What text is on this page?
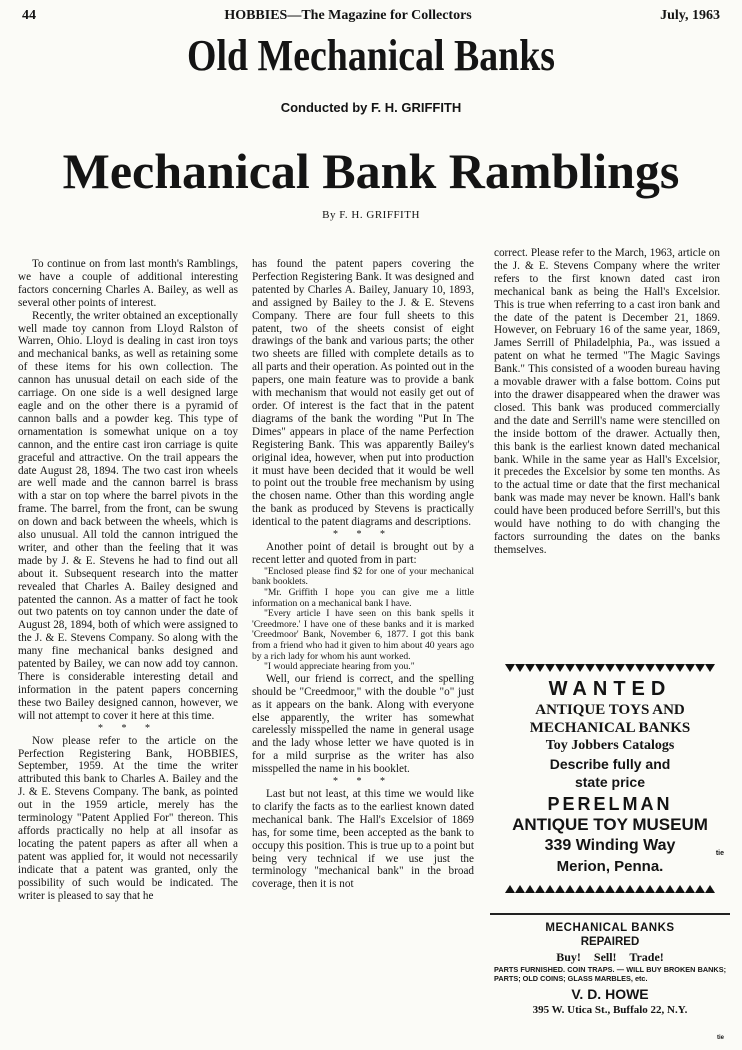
44	HOBBIES—The Magazine for Collectors	July, 1963
Old Mechanical Banks
Conducted by F. H. GRIFFITH
Mechanical Bank Ramblings
By F. H. GRIFFITH

To continue on from last month's Ramblings, we have a couple of additional interesting factors concerning Charles A. Bailey, as well as several other points of interest.

Recently, the writer obtained an exceptionally well made toy cannon from Lloyd Ralston of Warren, Ohio. Lloyd is dealing in cast iron toys and mechanical banks, as well as retaining some of these items for his own collection. The cannon has unusual detail on each side of the carriage. On one side is a well designed large eagle and on the other there is a pyramid of cannon balls and a powder keg. This type of ornamentation is somewhat unique on a toy cannon, and the entire cast iron carriage is quite graceful and attractive. On the trail appears the date August 28, 1894. The two cast iron wheels are well made and the cannon barrel is brass with a star on top where the barrel pivots in the frame. The barrel, from the front, can be swung on down and back between the wheels, which is also unusual. All told the cannon intrigued the writer, and other than the feeling that it was made by J. & E. Stevens he had to find out all about it. Subsequent research into the matter revealed that Charles A. Bailey designed and patented the cannon. As a matter of fact he took out two patents on toy cannon under the date of August 28, 1894, both of which were assigned to the J. & E. Stevens Company. So along with the many fine mechanical banks designed and patented by Bailey, we can now add toy cannon. There is considerable interesting detail and information in the patent papers concerning these two Bailey designed cannon, however, we will not attempt to cover it here at this time.

* * *

Now please refer to the article on the Perfection Registering Bank, HOBBIES, September, 1959. At the time the writer attributed this bank to Charles A. Bailey and the J. & E. Stevens Company. The bank, as pointed out in the 1959 article, merely has the terminology "Patent Applied For" thereon. This affords practically no help at all insofar as locating the patent papers as after all when a patent was applied for, it would not necessarily indicate that a patent was granted, only the possibility of such would be indicated. The writer is pleased to say that he

has found the patent papers covering the Perfection Registering Bank. It was designed and patented by Charles A. Bailey, January 10, 1893, and assigned by Bailey to the J. & E. Stevens Company. There are four full sheets to this patent, two of the sheets consist of eight drawings of the bank and various parts; the other two sheets are filled with complete details as to all parts and their operation. As pointed out in the papers, one main feature was to provide a bank with mechanism that would not easily get out of order. Of interest is the fact that in the patent diagrams of the bank the wording "Put In The Dimes" appears in place of the name Perfection Registering Bank. This was apparently Bailey's original idea, however, when put into production it must have been decided that it would be well to point out the trouble free mechanism by using the chosen name. Other than this wording angle the bank as produced by Stevens is practically identical to the patent diagrams and descriptions.

* * *

Another point of detail is brought out by a recent letter and quoted from in part:

"Enclosed please find $2 for one of your mechanical bank booklets.

"Mr. Griffith I hope you can give me a little information on a mechanical bank I have.

"Every article I have seen on this bank spells it 'Creedmore.' I have one of these banks and it is marked 'Creedmoor' Bank, November 6, 1877. I got this bank from a friend who had it given to him about 40 years ago by a rich lady for whom his aunt worked.

"I would appreciate hearing from you."

Well, our friend is correct, and the spelling should be "Creedmoor," with the double "o" just as it appears on the bank. Along with everyone else apparently, the writer has somewhat carelessly misspelled the name in general usage and the lady whose letter we have quoted is in for a mild surprise as the writer has also misspelled the name in his booklet.

* * *

Last but not least, at this time we would like to clarify the facts as to the earliest known dated mechanical bank. The Hall's Excelsior of 1869 has, for some time, been accepted as the bank to occupy this position. This is true up to a point but being very technical if we use just the terminology "mechanical bank" in the broad coverage, then it is not

correct. Please refer to the March, 1963, article on the J. & E. Stevens Company where the writer refers to the first known dated cast iron mechanical bank as being the Hall's Excelsior. This is true when referring to a cast iron bank and the date of the patent is December 21, 1869. However, on February 16 of the same year, 1869, James Serrill of Philadelphia, Pa., was issued a patent on what he termed "The Magic Savings Bank." This consisted of a wooden bureau having a movable drawer with a false bottom. Coins put into the drawer disappeared when the drawer was closed. This bank was produced commercially and the date and Serrill's name were stencilled on the inside bottom of the drawer. Actually then, this bank is the earliest known dated mechanical bank. While in the same year as Hall's Excelsior, it precedes the Excelsior by some ten months. As to the actual time or date that the first mechanical bank was made may never be known. Hall's bank could have been produced before Serrill's, but this would have nothing to do with changing the factors surrounding the dates on the banks themselves.

WANTED
ANTIQUE TOYS AND
MECHANICAL BANKS
Toy Jobbers Catalogs
Describe fully and
state price
PERELMAN
ANTIQUE TOY MUSEUM
339 Winding Way
Merion, Penna.
tie
MECHANICAL BANKS
REPAIRED
Buy! Sell! Trade!
PARTS FURNISHED. COIN TRAPS. — WILL BUY BROKEN BANKS; PARTS; OLD COINS; GLASS MARBLES, etc.
V. D. HOWE
395 W. Utica St., Buffalo 22, N.Y.
tie
